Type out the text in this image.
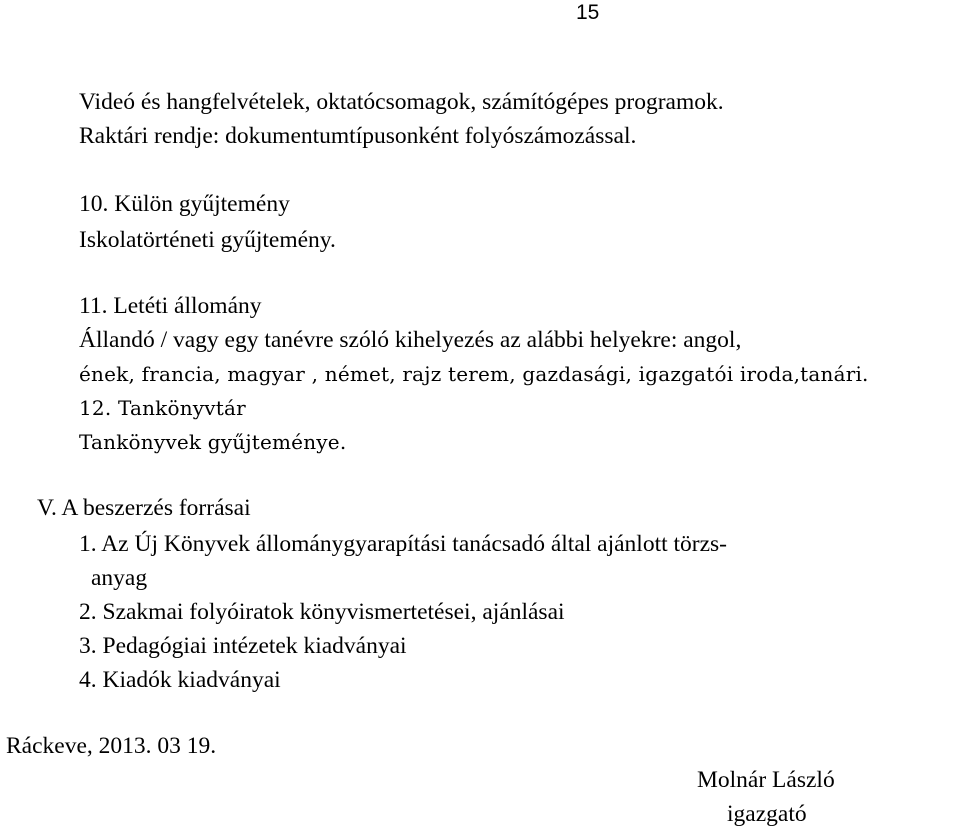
15
Videó és hangfelvételek, oktatócsomagok, számítógépes programok.
Raktári rendje: dokumentumtípusonként folyószámozással.
10. Külön gyűjtemény
Iskolatörténeti gyűjtemény.
11. Letéti állomány
Állandó / vagy egy tanévre szóló kihelyezés az alábbi helyekre: angol,
ének, francia, magyar , német, rajz terem, gazdasági, igazgatói iroda,tanári.
12. Tankönyvtár
Tankönyvek gyűjteménye.
V. A beszerzés forrásai
1. Az Új Könyvek állománygyarapítási tanácsadó által ajánlott törzs-
anyag
2. Szakmai folyóiratok könyvismertetései, ajánlásai
3. Pedagógiai intézetek kiadványai
4. Kiadók kiadványai
Ráckeve, 2013. 03 19.
Molnár László
igazgató
